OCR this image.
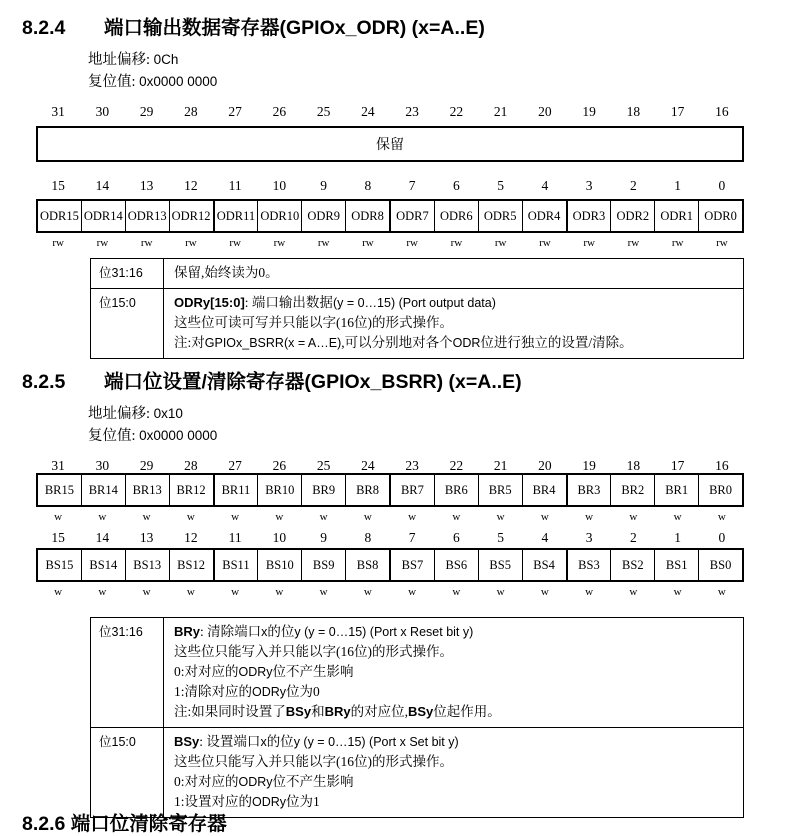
8.2.4 端口输出数据寄存器(GPIOx_ODR) (x=A..E)
地址偏移: 0Ch
复位值: 0x0000 0000
31	30	29	28	27	26	25	24	23	22	21	20	19	18	17	16
保留
15	14	13	12	11	10	9	8	7	6	5	4	3	2	1	0
ODR15 ODR14 ODR13 ODR12 ODR11 ODR10 ODR9 ODR8 ODR7 ODR6 ODR5 ODR4 ODR3 ODR2 ODR1 ODR0
rw	rw	rw	rw	rw	rw	rw	rw	rw	rw	rw	rw	rw	rw	rw	rw
位31:16	保留,始终读为0。

位15:0	ODRy[15:0]: 端口输出数据(y = 0…15) (Port output data)

这些位可读可写并只能以字(16位)的形式操作。

注:对GPIOx_BSRR(x = A…E),可以分别地对各个ODR位进行独立的设置/清除。

8.2.5 端口位设置/清除寄存器(GPIOx_BSRR) (x=A..E)
地址偏移: 0x10
复位值: 0x0000 0000
31	30	29	28	27	26	25	24	23	22	21	20	19	18	17	16
BR15	BR14	BR13	BR12	BR11	BR10	BR9	BR8	BR7	BR6	BR5	BR4	BR3	BR2	BR1	BR0
w	w	w	w	w	w	w	w	w	w	w	w	w	w	w	w
15	14	13	12	11	10	9	8	7	6	5	4	3	2	1	0
BS15	BS14	BS13	BS12	BS11	BS10	BS9	BS8	BS7	BS6	BS5	BS4	BS3	BS2	BS1	BS0
w	w	w	w	w	w	w	w	w	w	w	w	w	w	w	w
位31:16	BRy: 清除端口x的位y (y = 0…15) (Port x Reset bit y)

这些位只能写入并只能以字(16位)的形式操作。

0:对对应的ODRy位不产生影响

1:清除对应的ODRy位为0

注:如果同时设置了BSy和BRy的对应位,BSy位起作用。

位15:0	BSy: 设置端口x的位y (y = 0…15) (Port x Set bit y)

这些位只能写入并只能以字(16位)的形式操作。

0:对对应的ODRy位不产生影响

1:设置对应的ODRy位为1

8.2.6 端口位清除寄存器
